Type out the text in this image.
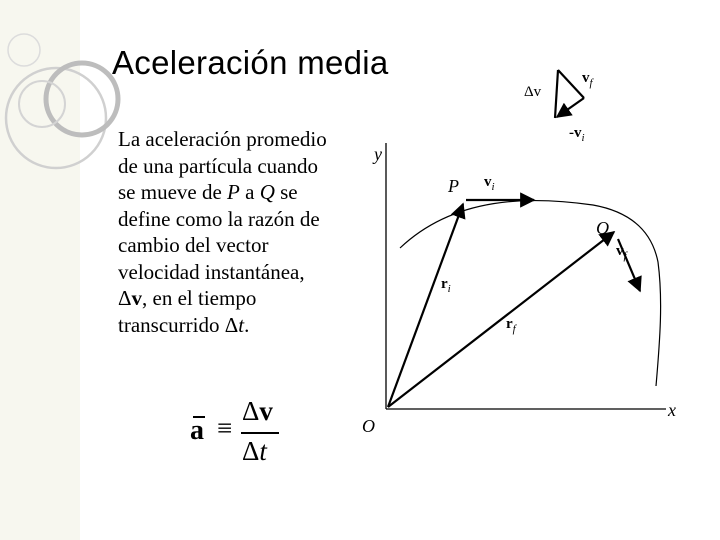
Aceleración media
La aceleración promedio
de una partícula cuando
se mueve de P a Q se
define como la razón de
cambio del vector
velocidad instantánea,
Δv, en el tiempo
transcurrido Δt.
a ≡
Δv
Δt
y
x
O
P
Q
$r_i$
$r_f$
$v_i$
$v_f$
Δv
$v_f$
$-v_i$
